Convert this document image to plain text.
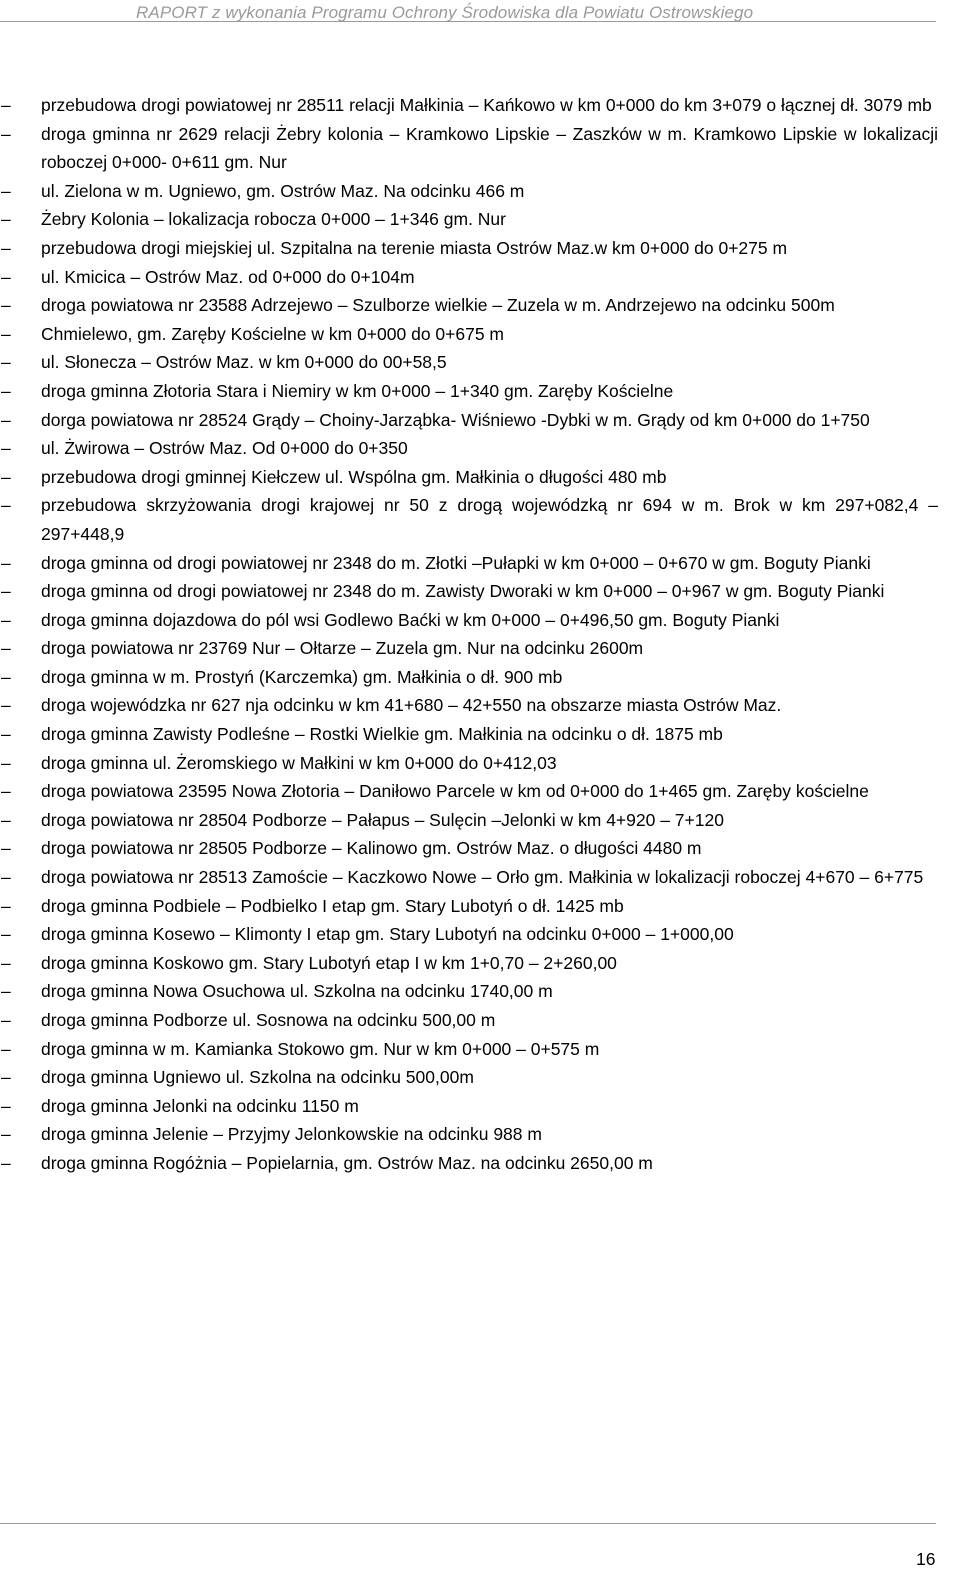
RAPORT z wykonania Programu Ochrony Środowiska dla Powiatu Ostrowskiego
– przebudowa drogi powiatowej nr 28511 relacji Małkinia – Kańkowo w km 0+000 do km 3+079 o łącznej dł. 3079 mb
– droga gminna nr 2629 relacji Żebry kolonia – Kramkowo Lipskie – Zaszków w m. Kramkowo Lipskie w lokalizacji roboczej 0+000- 0+611 gm. Nur
– ul. Zielona w m. Ugniewo, gm. Ostrów Maz. Na odcinku 466 m
– Żebry Kolonia – lokalizacja robocza 0+000 – 1+346 gm. Nur
– przebudowa drogi miejskiej ul. Szpitalna na terenie miasta Ostrów Maz.w km 0+000 do 0+275 m
– ul. Kmicica – Ostrów Maz. od 0+000 do 0+104m
– droga powiatowa nr 23588 Adrzejewo – Szulborze wielkie – Zuzela w m. Andrzejewo na odcinku 500m
– Chmielewo, gm. Zaręby Kościelne w km 0+000 do 0+675 m
– ul. Słonecza – Ostrów Maz. w km 0+000 do 00+58,5
– droga gminna Złotoria Stara i Niemiry w km 0+000 – 1+340 gm. Zaręby Kościelne
– dorga powiatowa nr 28524 Grądy – Choiny-Jarząbka- Wiśniewo -Dybki w m. Grądy od km 0+000 do 1+750
– ul. Żwirowa – Ostrów Maz. Od 0+000 do 0+350
– przebudowa drogi gminnej Kiełczew ul. Wspólna gm. Małkinia o długości 480 mb
– przebudowa skrzyżowania drogi krajowej nr 50 z drogą wojewódzką nr 694 w m. Brok w km 297+082,4 – 297+448,9
– droga gminna od drogi powiatowej nr 2348 do m. Złotki –Pułapki w km 0+000 – 0+670 w gm. Boguty Pianki
– droga gminna od drogi powiatowej nr 2348 do m. Zawisty Dworaki w km 0+000 – 0+967 w gm. Boguty Pianki
– droga gminna dojazdowa do pól wsi Godlewo Baćki w km 0+000 – 0+496,50 gm. Boguty Pianki
– droga powiatowa nr 23769 Nur – Ołtarze – Zuzela gm. Nur na odcinku 2600m
– droga gminna w m. Prostyń (Karczemka) gm. Małkinia o dł. 900 mb
– droga wojewódzka nr 627 nja odcinku w km 41+680 – 42+550 na obszarze miasta Ostrów Maz.
– droga gminna Zawisty Podleśne – Rostki Wielkie gm. Małkinia na odcinku o dł. 1875 mb
– droga gminna ul. Żeromskiego w Małkini w km 0+000 do 0+412,03
– droga powiatowa 23595 Nowa Złotoria – Daniłowo Parcele w km od 0+000 do 1+465 gm. Zaręby kościelne
– droga powiatowa nr 28504 Podborze – Pałapus – Sulęcin –Jelonki w km 4+920 – 7+120
– droga powiatowa nr 28505 Podborze – Kalinowo gm. Ostrów Maz. o długości 4480 m
– droga powiatowa nr 28513 Zamoście – Kaczkowo Nowe – Orło gm. Małkinia w lokalizacji roboczej 4+670 – 6+775
– droga gminna Podbiele – Podbielko I etap gm. Stary Lubotyń o dł. 1425 mb
– droga gminna Kosewo – Klimonty I etap gm. Stary Lubotyń na odcinku 0+000 – 1+000,00
– droga gminna Koskowo gm. Stary Lubotyń etap I w km 1+0,70 – 2+260,00
– droga gminna Nowa Osuchowa ul. Szkolna na odcinku 1740,00 m
– droga gminna Podborze ul. Sosnowa na odcinku 500,00 m
– droga gminna w m. Kamianka Stokowo gm. Nur w km 0+000 – 0+575 m
– droga gminna Ugniewo ul. Szkolna na odcinku 500,00m
– droga gminna Jelonki na odcinku 1150 m
– droga gminna Jelenie – Przyjmy Jelonkowskie na odcinku 988 m
– droga gminna Rogóżnia – Popielarnia, gm. Ostrów Maz. na odcinku 2650,00 m
16
